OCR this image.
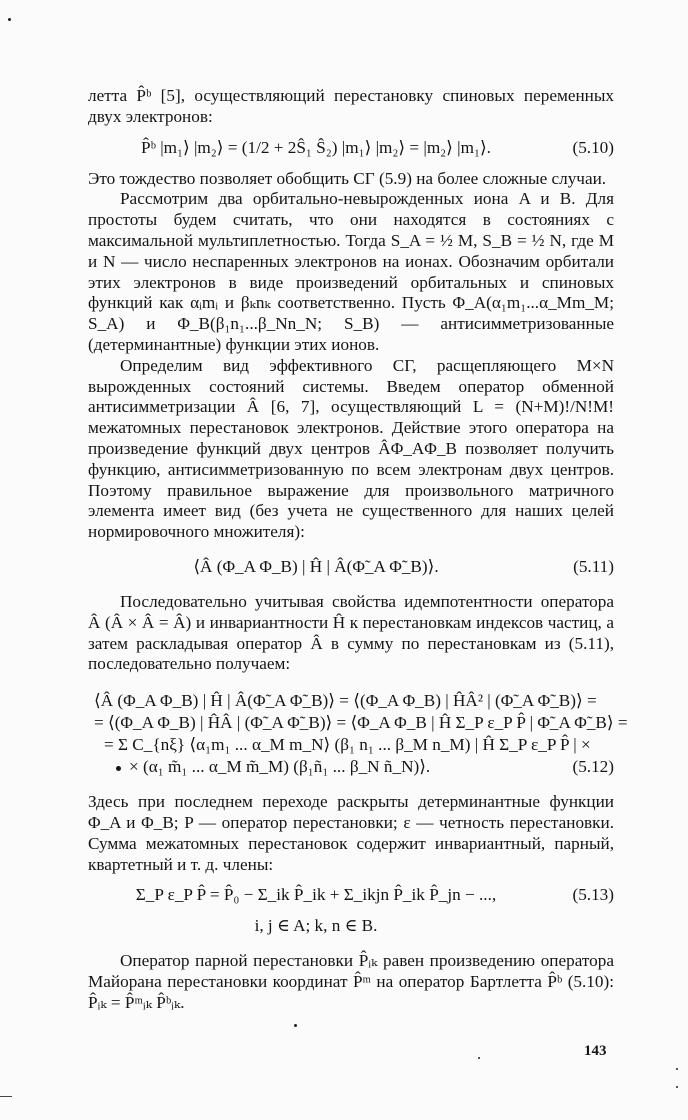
летта P̂ᵇ [5], осуществляющий перестановку спиновых переменных двух электронов:

P̂ᵇ |m₁⟩ |m₂⟩ = (1/2 + 2Ŝ₁ Ŝ₂) |m₁⟩ |m₂⟩ = |m₂⟩ |m₁⟩.	(5.10)

Это тождество позволяет обобщить СГ (5.9) на более сложные случаи.

Рассмотрим два орбитально-невырожденных иона A и B. Для простоты будем считать, что они находятся в состояниях с максимальной мультиплетностью. Тогда S_A = ½ M, S_B = ½ N, где M и N — число неспаренных электронов на ионах. Обозначим орбитали этих электронов в виде произведений орбитальных и спиновых функций как αᵢmᵢ и βₖnₖ соответственно. Пусть Φ_A(α₁m₁...α_Mm_M; S_A) и Φ_B(β₁n₁...β_Nn_N; S_B) — антисимметризованные (детерминантные) функции этих ионов.

Определим вид эффективного СГ, расщепляющего M×N вырожденных состояний системы. Введем оператор обменной антисимметризации Â [6, 7], осуществляющий L = (N+M)!/N!M! межатомных перестановок электронов. Действие этого оператора на произведение функций двух центров ÂΦ_AΦ_B позволяет получить функцию, антисимметризованную по всем электронам двух центров. Поэтому правильное выражение для произвольного матричного элемента имеет вид (без учета не существенного для наших целей нормировочного множителя):

⟨Â (Φ_A Φ_B) | Ĥ | Â(Φ̃_A Φ̃_B)⟩.	(5.11)

Последовательно учитывая свойства идемпотентности оператора Â (Â × Â = Â) и инвариантности Ĥ к перестановкам индексов частиц, а затем раскладывая оператор Â в сумму по перестановкам из (5.11), последовательно получаем:

⟨Â (Φ_A Φ_B) | Ĥ | Â(Φ̃_A Φ̃_B)⟩ = ⟨(Φ_A Φ_B) | ĤÂ² | (Φ̃_A Φ̃_B)⟩ =
= ⟨(Φ_A Φ_B) | ĤÂ | (Φ̃_A Φ̃_B)⟩ = ⟨Φ_A Φ_B | Ĥ Σ_P ε_P P̂ | Φ̃_A Φ̃_B⟩ =
= Σ C_{nξ} ⟨α₁m₁ ... α_M m_N⟩ (β₁ n₁ ... β_M n_M) | Ĥ Σ_P ε_P P̂ | ×
× (α₁ m̃₁ ... α_M m̃_M) (β₁ñ₁ ... β_N ñ_N)⟩.	(5.12)

Здесь при последнем переходе раскрыты детерминантные функции Φ_A и Φ_B; P — оператор перестановки; ε — четность перестановки. Сумма межатомных перестановок содержит инвариантный, парный, квартетный и т. д. члены:

Σ_P ε_P P̂ = P̂₀ − Σ_ik P̂_ik + Σ_ikjn P̂_ik P̂_jn − ...,	(5.13)
i, j ∈ A; k, n ∈ B.

Оператор парной перестановки P̂ᵢₖ равен произведению оператора Майорана перестановки координат P̂ᵐ на оператор Бартлетта P̂ᵇ (5.10): P̂ᵢₖ = P̂ᵐᵢₖ P̂ᵇᵢₖ.

143
